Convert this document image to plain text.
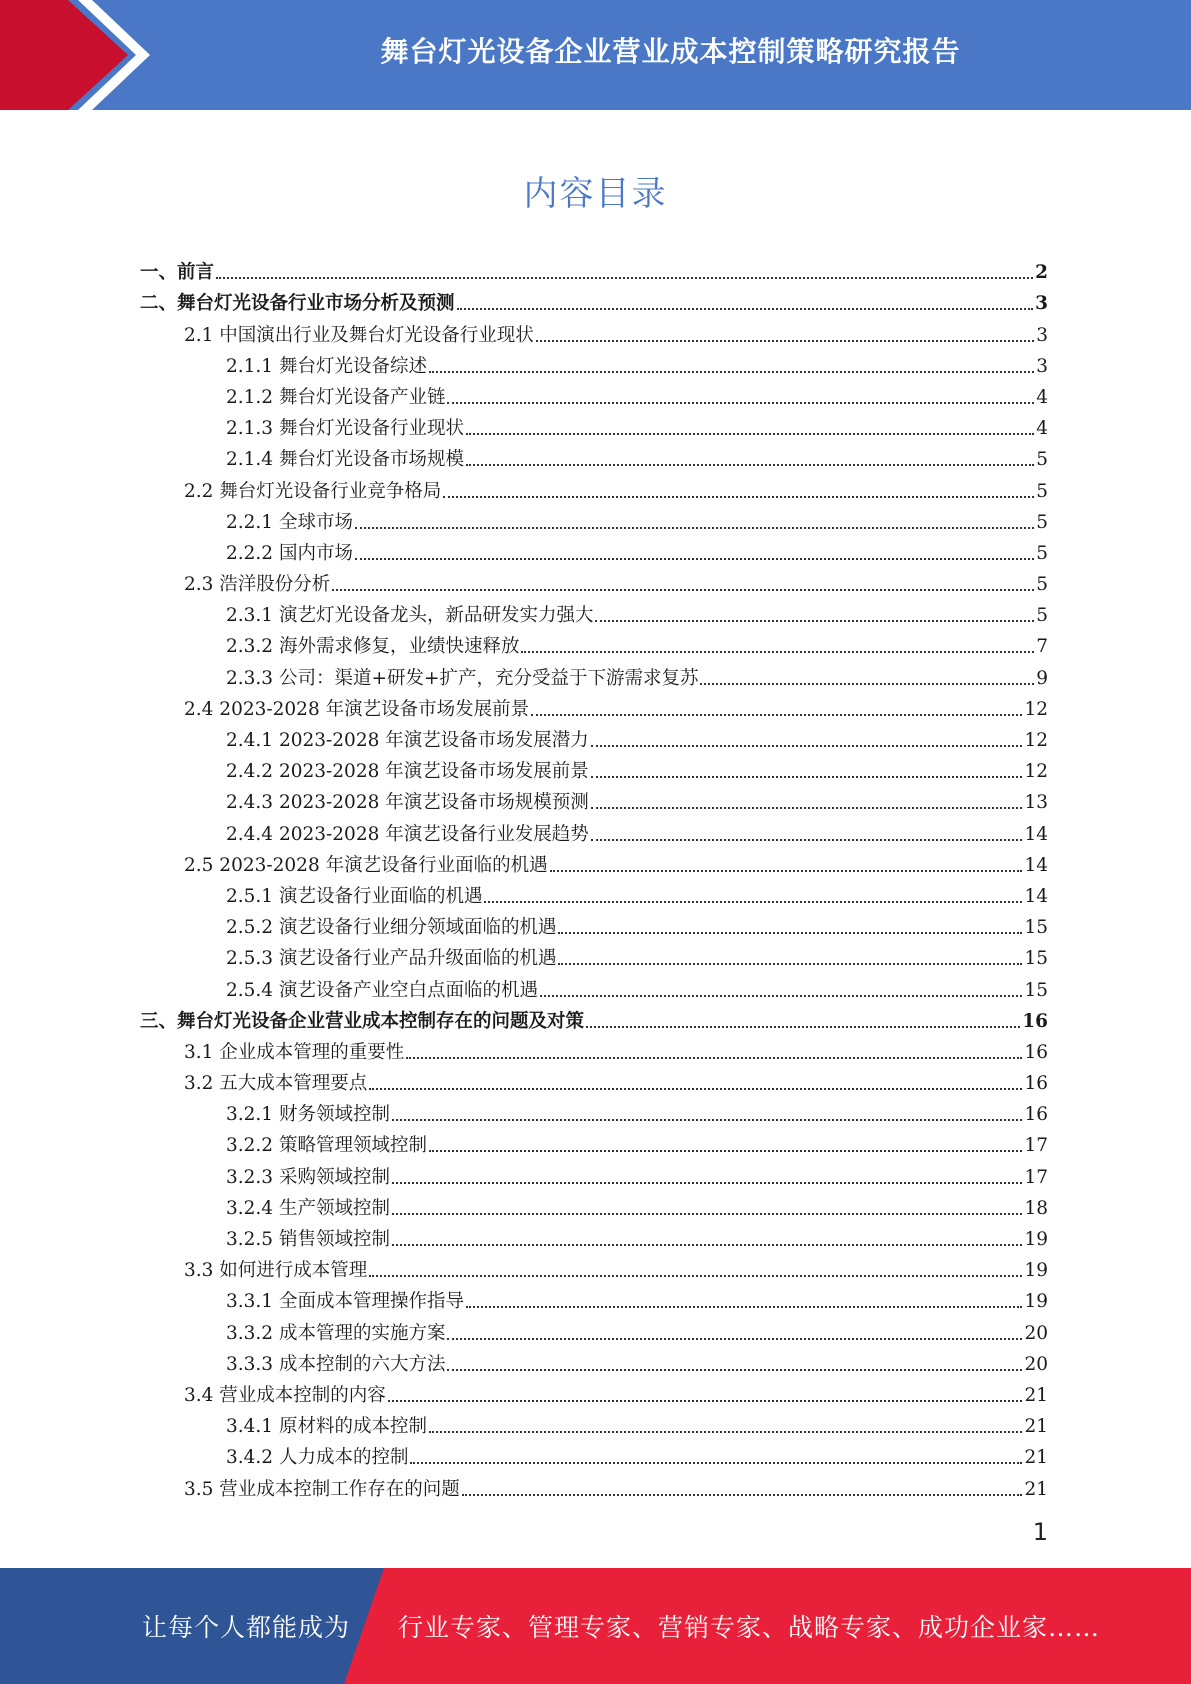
舞台灯光设备企业营业成本控制策略研究报告
内容目录
一、前言	2
二、舞台灯光设备行业市场分析及预测	3
2.1 中国演出行业及舞台灯光设备行业现状	3
2.1.1 舞台灯光设备综述	3
2.1.2 舞台灯光设备产业链	4
2.1.3 舞台灯光设备行业现状	4
2.1.4 舞台灯光设备市场规模	5
2.2 舞台灯光设备行业竞争格局	5
2.2.1 全球市场	5
2.2.2 国内市场	5
2.3 浩洋股份分析	5
2.3.1 演艺灯光设备龙头，新品研发实力强大	5
2.3.2 海外需求修复，业绩快速释放	7
2.3.3 公司：渠道+研发+扩产，充分受益于下游需求复苏	9
2.4 2023-2028 年演艺设备市场发展前景	12
2.4.1 2023-2028 年演艺设备市场发展潜力	12
2.4.2 2023-2028 年演艺设备市场发展前景	12
2.4.3 2023-2028 年演艺设备市场规模预测	13
2.4.4 2023-2028 年演艺设备行业发展趋势	14
2.5 2023-2028 年演艺设备行业面临的机遇	14
2.5.1 演艺设备行业面临的机遇	14
2.5.2 演艺设备行业细分领域面临的机遇	15
2.5.3 演艺设备行业产品升级面临的机遇	15
2.5.4 演艺设备产业空白点面临的机遇	15
三、舞台灯光设备企业营业成本控制存在的问题及对策	16
3.1 企业成本管理的重要性	16
3.2 五大成本管理要点	16
3.2.1 财务领域控制	16
3.2.2 策略管理领域控制	17
3.2.3 采购领域控制	17
3.2.4 生产领域控制	18
3.2.5 销售领域控制	19
3.3 如何进行成本管理	19
3.3.1 全面成本管理操作指导	19
3.3.2 成本管理的实施方案	20
3.3.3 成本控制的六大方法	20
3.4 营业成本控制的内容	21
3.4.1 原材料的成本控制	21
3.4.2 人力成本的控制	21
3.5 营业成本控制工作存在的问题	21
1
让每个人都能成为 行业专家、管理专家、营销专家、战略专家、成功企业家……
